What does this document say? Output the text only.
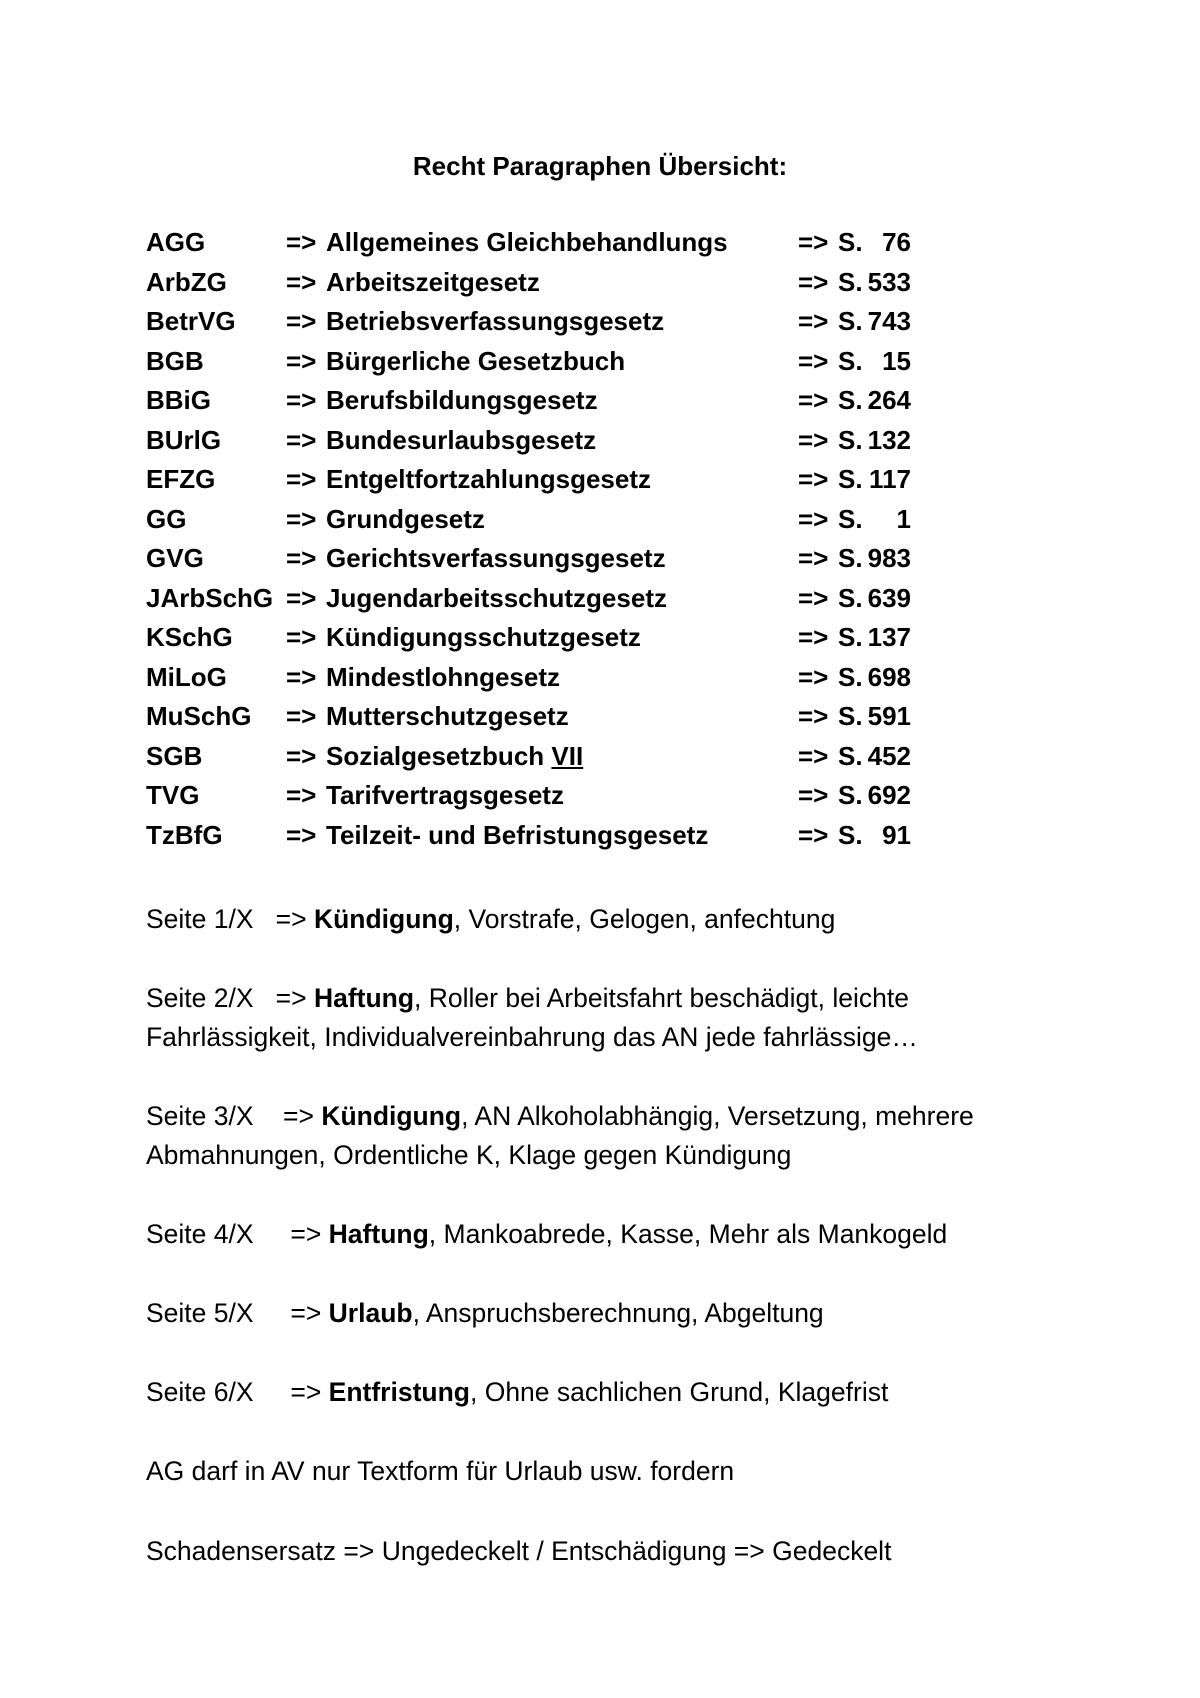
Recht Paragraphen Übersicht:
AGG	=> Allgemeines Gleichbehandlungs	=> S. 76
ArbZG	=> Arbeitszeitgesetz	=> S. 533
BetrVG	=> Betriebsverfassungsgesetz	=> S. 743
BGB	=> Bürgerliche Gesetzbuch	=> S. 15
BBiG	=> Berufsbildungsgesetz	=> S. 264
BUrlG	=> Bundesurlaubsgesetz	=> S. 132
EFZG	=> Entgeltfortzahlungsgesetz	=> S. 117
GG	=> Grundgesetz	=> S.	1
GVG	=> Gerichtsverfassungsgesetz	=> S. 983
JArbSchG => Jugendarbeitsschutzgesetz	=> S. 639
KSchG	=> Kündigungsschutzgesetz	=> S. 137
MiLoG	=> Mindestlohngesetz	=> S. 698
MuSchG	=> Mutterschutzgesetz	=> S. 591
SGB	=> Sozialgesetzbuch VII	=> S. 452
TVG	=> Tarifvertragsgesetz	=> S. 692
TzBfG	=> Teilzeit- und Befristungsgesetz	=> S. 91
Seite 1/X   => Kündigung, Vorstrafe, Gelogen, anfechtung
Seite 2/X   => Haftung, Roller bei Arbeitsfahrt beschädigt, leichte Fahrlässigkeit, Individualvereinbahrung das AN jede fahrlässige…
Seite 3/X    => Kündigung, AN Alkoholabhängig, Versetzung, mehrere Abmahnungen, Ordentliche K, Klage gegen Kündigung
Seite 4/X     => Haftung, Mankoabrede, Kasse, Mehr als Mankogeld
Seite 5/X     => Urlaub, Anspruchsberechnung, Abgeltung
Seite 6/X     => Entfristung, Ohne sachlichen Grund, Klagefrist
AG darf in AV nur Textform für Urlaub usw. fordern
Schadensersatz => Ungedeckelt / Entschädigung => Gedeckelt
